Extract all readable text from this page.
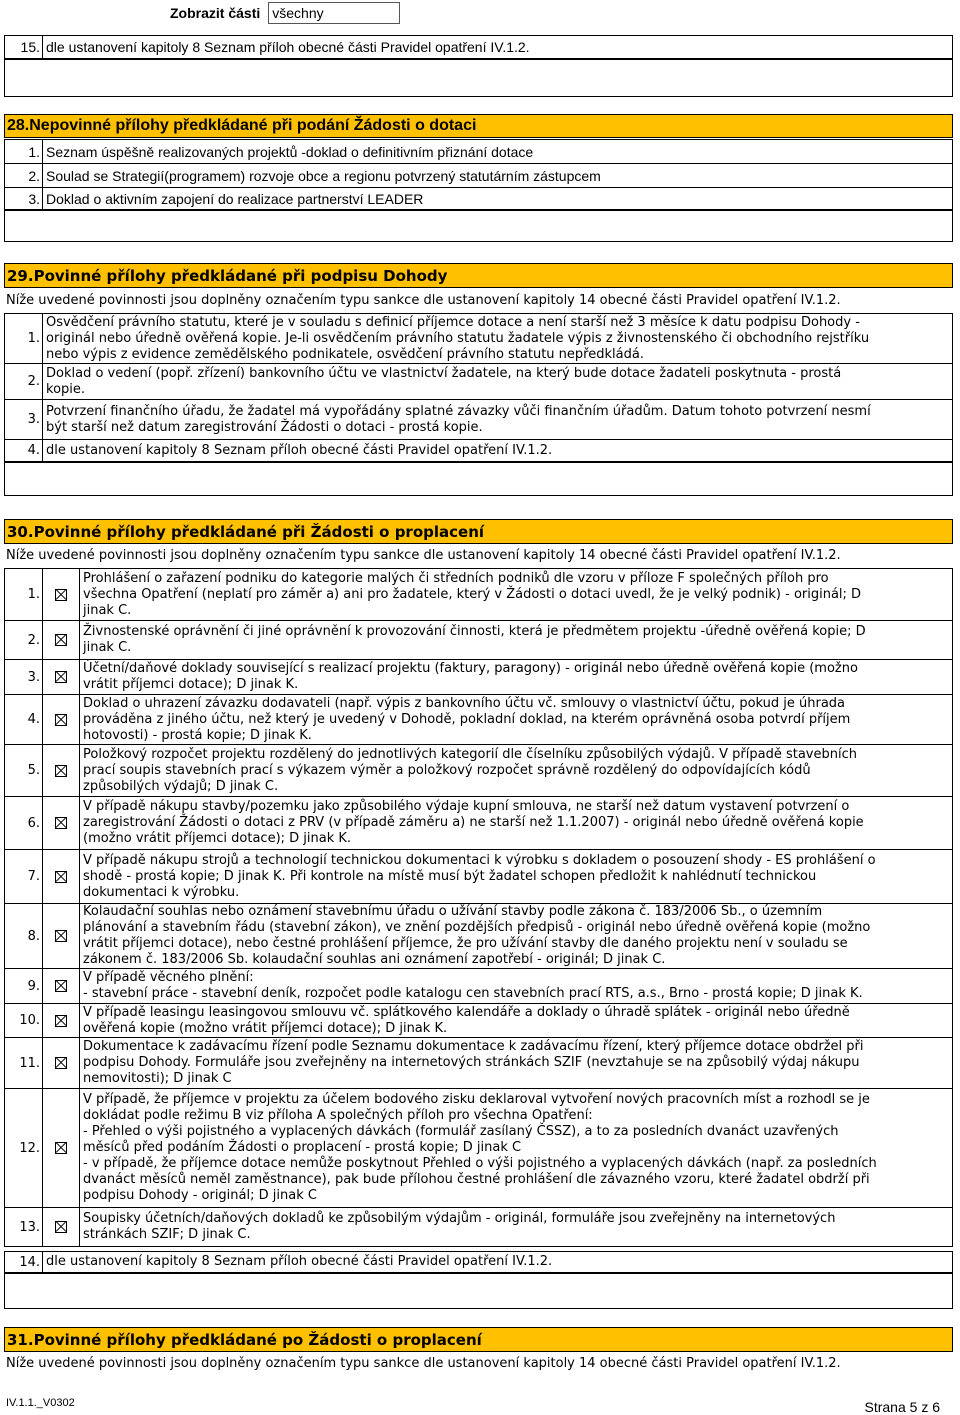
Zobrazit části všechny
15. dle ustanovení kapitoly 8 Seznam příloh obecné části Pravidel opatření IV.1.2.
28.Nepovinné přílohy předkládané při podání Žádosti o dotaci
1. Seznam úspěšně realizovaných projektů -doklad o definitivním přiznání dotace
2. Soulad se Strategií(programem) rozvoje obce a regionu potvrzený statutárním zástupcem
3. Doklad o aktivním zapojení do realizace partnerství LEADER
29.Povinné přílohy předkládané při podpisu Dohody
Níže uvedené povinnosti jsou doplněny označením typu sankce dle ustanovení kapitoly 14 obecné části Pravidel opatření IV.1.2.
1.
Osvědčení právního statutu, které je v souladu s definicí příjemce dotace a není starší než 3 měsíce k datu podpisu Dohody -
originál nebo úředně ověřená kopie. Je-li osvědčením právního statutu žadatele výpis z živnostenského či obchodního rejstříku
nebo výpis z evidence zemědělského podnikatele, osvědčení právního statutu nepředkládá.
2.
Doklad o vedení (popř. zřízení) bankovního účtu ve vlastnictví žadatele, na který bude dotace žadateli poskytnuta - prostá
kopie.
3.
Potvrzení finančního úřadu, že žadatel má vypořádány splatné závazky vůči finančním úřadům. Datum tohoto potvrzení nesmí
být starší než datum zaregistrování Žádosti o dotaci - prostá kopie.
4. dle ustanovení kapitoly 8 Seznam příloh obecné části Pravidel opatření IV.1.2.
30.Povinné přílohy předkládané při Žádosti o proplacení
Níže uvedené povinnosti jsou doplněny označením typu sankce dle ustanovení kapitoly 14 obecné části Pravidel opatření IV.1.2.
1.
Prohlášení o zařazení podniku do kategorie malých či středních podniků dle vzoru v příloze F společných příloh pro
všechna Opatření (neplatí pro záměr a) ani pro žadatele, který v Žádosti o dotaci uvedl, že je velký podnik) - originál; D
jinak C.
2.
Živnostenské oprávnění či jiné oprávnění k provozování činnosti, která je předmětem projektu -úředně ověřená kopie; D
jinak C.
3.
Účetní/daňové doklady související s realizací projektu (faktury, paragony) - originál nebo úředně ověřená kopie (možno
vrátit příjemci dotace); D jinak K.
4.
Doklad o uhrazení závazku dodavateli (např. výpis z bankovního účtu vč. smlouvy o vlastnictví účtu, pokud je úhrada
prováděna z jiného účtu, než který je uvedený v Dohodě, pokladní doklad, na kterém oprávněná osoba potvrdí příjem
hotovosti) - prostá kopie; D jinak K.
5.
Položkový rozpočet projektu rozdělený do jednotlivých kategorií dle číselníku způsobilých výdajů. V případě stavebních
prací soupis stavebních prací s výkazem výměr a položkový rozpočet správně rozdělený do odpovídajících kódů
způsobilých výdajů; D jinak C.
6.
V případě nákupu stavby/pozemku jako způsobilého výdaje kupní smlouva, ne starší než datum vystavení potvrzení o
zaregistrování Žádosti o dotaci z PRV (v případě záměru a) ne starší než 1.1.2007) - originál nebo úředně ověřená kopie
(možno vrátit příjemci dotace); D jinak K.
7.
V případě nákupu strojů a technologií technickou dokumentaci k výrobku s dokladem o posouzení shody - ES prohlášení o
shodě - prostá kopie; D jinak K. Při kontrole na místě musí být žadatel schopen předložit k nahlédnutí technickou
dokumentaci k výrobku.
8.
Kolaudační souhlas nebo oznámení stavebnímu úřadu o užívání stavby podle zákona č. 183/2006 Sb., o územním
plánování a stavebním řádu (stavební zákon), ve znění pozdějších předpisů - originál nebo úředně ověřená kopie (možno
vrátit příjemci dotace), nebo čestné prohlášení příjemce, že pro užívání stavby dle daného projektu není v souladu se
zákonem č. 183/2006 Sb. kolaudační souhlas ani oznámení zapotřebí - originál; D jinak C.
9.
V případě věcného plnění:
- stavební práce - stavební deník, rozpočet podle katalogu cen stavebních prací RTS, a.s., Brno - prostá kopie; D jinak K.
10.
V případě leasingu leasingovou smlouvu vč. splátkového kalendáře a doklady o úhradě splátek - originál nebo úředně
ověřená kopie (možno vrátit příjemci dotace); D jinak K.
11.
Dokumentace k zadávacímu řízení podle Seznamu dokumentace k zadávacímu řízení, který příjemce dotace obdržel při
podpisu Dohody. Formuláře jsou zveřejněny na internetových stránkách SZIF (nevztahuje se na způsobilý výdaj nákupu
nemovitosti); D jinak C
12.
V případě, že příjemce v projektu za účelem bodového zisku deklaroval vytvoření nových pracovních míst a rozhodl se je
dokládat podle režimu B viz příloha A společných příloh pro všechna Opatření:
- Přehled o výši pojistného a vyplacených dávkách (formulář zasílaný ČSSZ), a to za posledních dvanáct uzavřených
měsíců před podáním Žádosti o proplacení - prostá kopie; D jinak C
- v případě, že příjemce dotace nemůže poskytnout Přehled o výši pojistného a vyplacených dávkách (např. za posledních
dvanáct měsíců neměl zaměstnance), pak bude přílohou čestné prohlášení dle závazného vzoru, které žadatel obdrží při
podpisu Dohody - originál; D jinak C
13.
Soupisky účetních/daňových dokladů ke způsobilým výdajům - originál, formuláře jsou zveřejněny na internetových
stránkách SZIF; D jinak C.
14. dle ustanovení kapitoly 8 Seznam příloh obecné části Pravidel opatření IV.1.2.
31.Povinné přílohy předkládané po Žádosti o proplacení
Níže uvedené povinnosti jsou doplněny označením typu sankce dle ustanovení kapitoly 14 obecné části Pravidel opatření IV.1.2.
IV.1.1._V0302	Strana 5 z 6
